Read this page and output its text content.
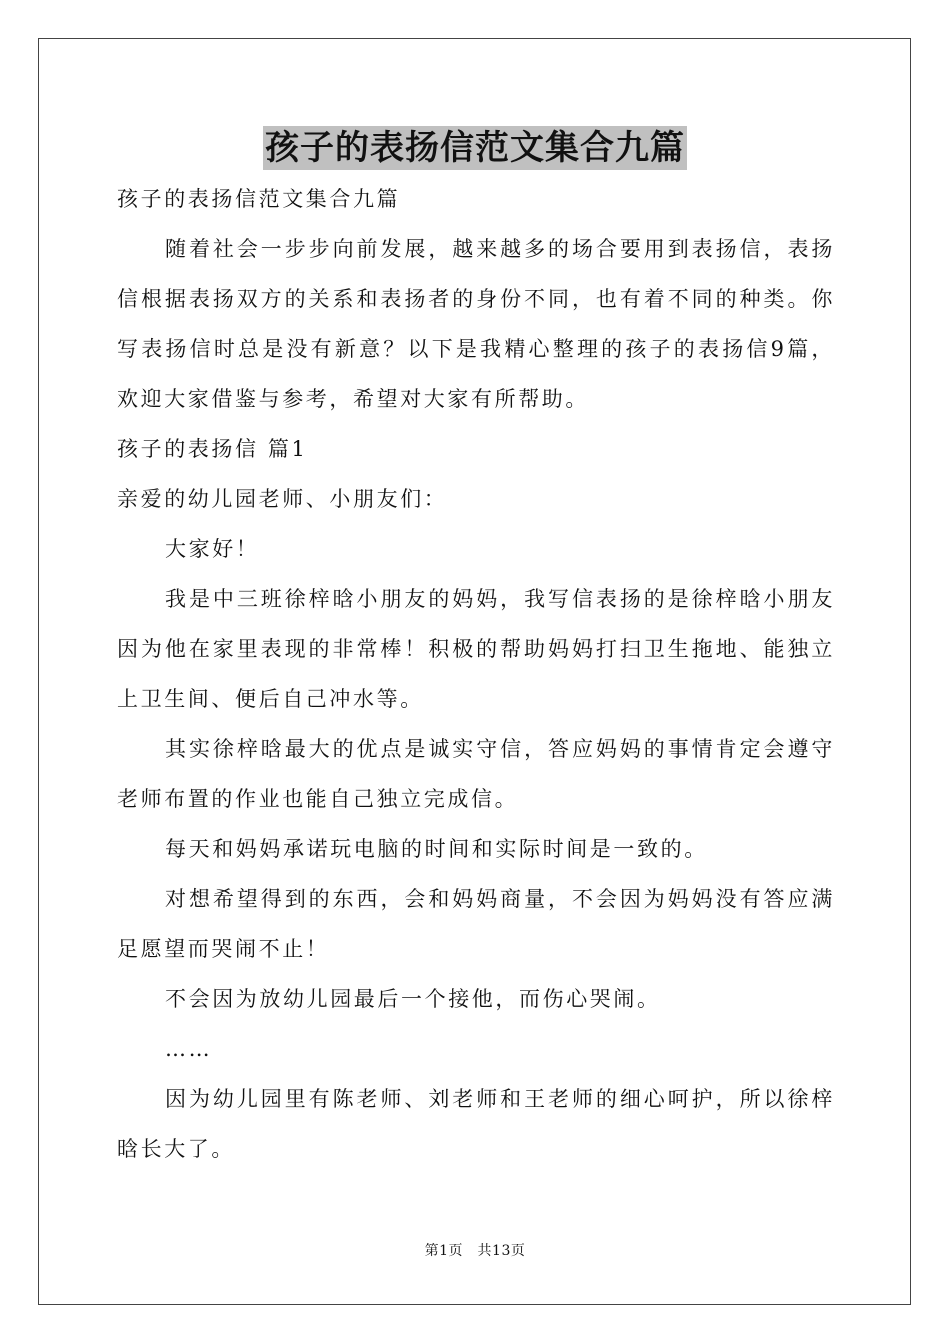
孩子的表扬信范文集合九篇

孩子的表扬信范文集合九篇

随着社会一步步向前发展，越来越多的场合要用到表扬信，表扬信根据表扬双方的关系和表扬者的身份不同，也有着不同的种类。你写表扬信时总是没有新意？以下是我精心整理的孩子的表扬信9篇，欢迎大家借鉴与参考，希望对大家有所帮助。

孩子的表扬信 篇1

亲爱的幼儿园老师、小朋友们：

大家好！

我是中三班徐梓晗小朋友的妈妈，我写信表扬的是徐梓晗小朋友因为他在家里表现的非常棒！积极的帮助妈妈打扫卫生拖地、能独立上卫生间、便后自己冲水等。

其实徐梓晗最大的优点是诚实守信，答应妈妈的事情肯定会遵守老师布置的作业也能自己独立完成信。

每天和妈妈承诺玩电脑的时间和实际时间是一致的。

对想希望得到的东西，会和妈妈商量，不会因为妈妈没有答应满足愿望而哭闹不止！

不会因为放幼儿园最后一个接他，而伤心哭闹。

……

因为幼儿园里有陈老师、刘老师和王老师的细心呵护，所以徐梓晗长大了。

第1页　共13页
